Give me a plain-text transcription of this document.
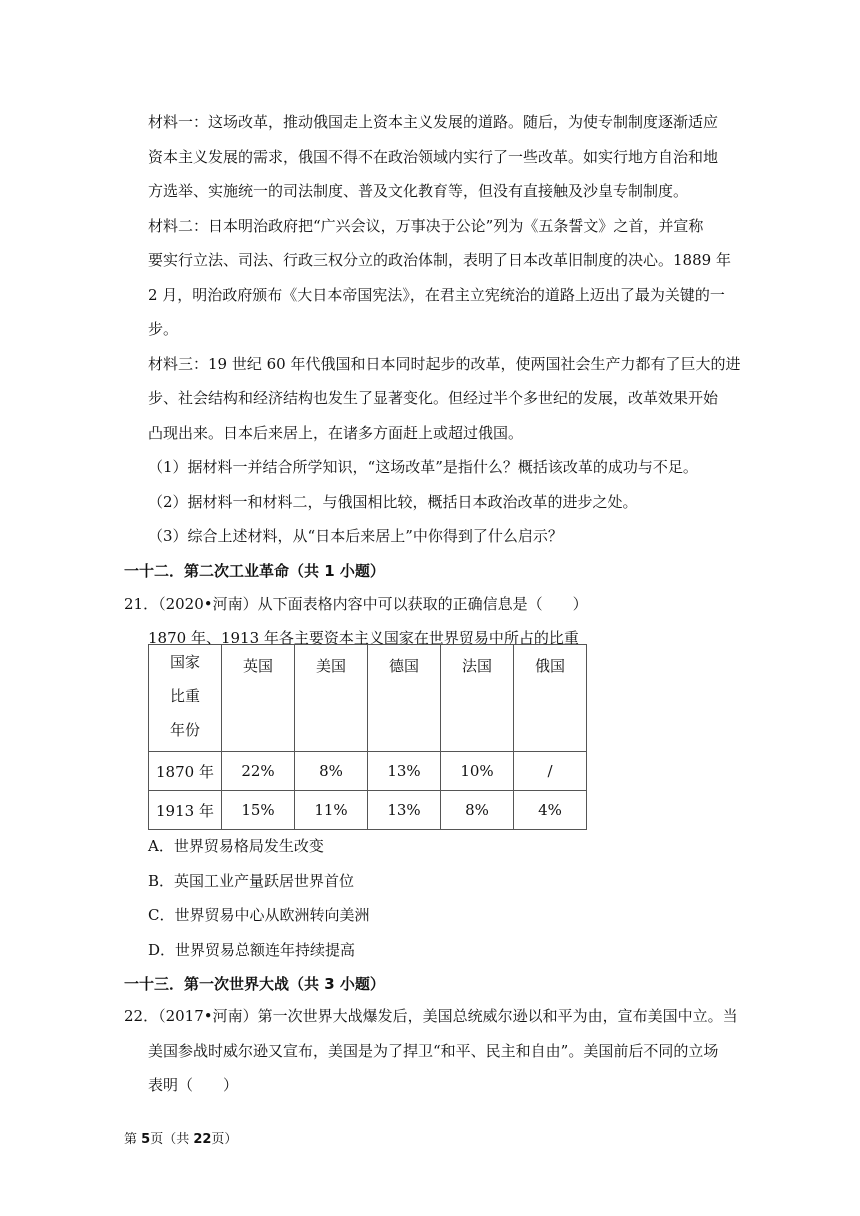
材料一：这场改革，推动俄国走上资本主义发展的道路。随后，为使专制制度逐渐适应
资本主义发展的需求，俄国不得不在政治领域内实行了一些改革。如实行地方自治和地
方选举、实施统一的司法制度、普及文化教育等，但没有直接触及沙皇专制制度。
材料二：日本明治政府把“广兴会议，万事决于公论”列为《五条誓文》之首，并宣称
要实行立法、司法、行政三权分立的政治体制，表明了日本改革旧制度的决心。1889 年
2 月，明治政府颁布《大日本帝国宪法》，在君主立宪统治的道路上迈出了最为关键的一
步。
材料三：19 世纪 60 年代俄国和日本同时起步的改革，使两国社会生产力都有了巨大的进
步、社会结构和经济结构也发生了显著变化。但经过半个多世纪的发展，改革效果开始
凸现出来。日本后来居上，在诸多方面赶上或超过俄国。
（1）据材料一并结合所学知识，“这场改革”是指什么？概括该改革的成功与不足。
（2）据材料一和材料二，与俄国相比较，概括日本政治改革的进步之处。
（3）综合上述材料，从“日本后来居上”中你得到了什么启示？
一十二．第二次工业革命（共 1 小题）
21．（2020•河南）从下面表格内容中可以获取的正确信息是（　　）
1870 年、1913 年各主要资本主义国家在世界贸易中所占的比重
国家
比重
年份	英国	美国	德国	法国	俄国

1870 年	22%	8%	13%	10%	/
1913 年	15%	11%	13%	8%	4%
A．世界贸易格局发生改变
B．英国工业产量跃居世界首位
C．世界贸易中心从欧洲转向美洲
D．世界贸易总额连年持续提高
一十三．第一次世界大战（共 3 小题）
22．（2017•河南）第一次世界大战爆发后，美国总统威尔逊以和平为由，宣布美国中立。当
美国参战时威尔逊又宣布，美国是为了捍卫“和平、民主和自由”。美国前后不同的立场
表明（　　）
第 5页（共 22页）
